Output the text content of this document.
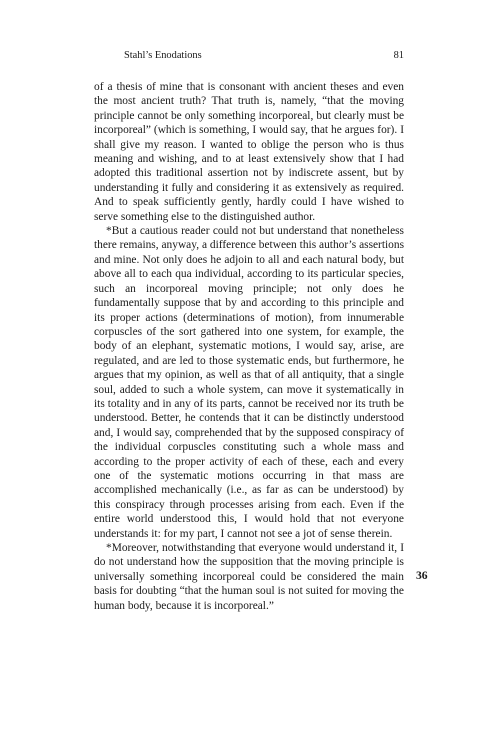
Stahl’s Enodations	81

of a thesis of mine that is consonant with ancient theses and even the most ancient truth? That truth is, namely, “that the moving principle cannot be only something incorporeal, but clearly must be incorporeal” (which is something, I would say, that he argues for). I shall give my reason. I wanted to oblige the person who is thus meaning and wishing, and to at least extensively show that I had adopted this traditional assertion not by indiscrete assent, but by understanding it fully and considering it as extensively as required. And to speak sufficiently gently, hardly could I have wished to serve something else to the distinguished author.

*But a cautious reader could not but understand that nonetheless there remains, anyway, a difference between this author’s assertions and mine. Not only does he adjoin to all and each natural body, but above all to each qua individual, according to its particular species, such an incorporeal moving principle; not only does he fundamentally suppose that by and according to this principle and its proper actions (determinations of motion), from innumerable corpuscles of the sort gathered into one system, for example, the body of an elephant, systematic motions, I would say, arise, are regulated, and are led to those systematic ends, but furthermore, he argues that my opinion, as well as that of all antiquity, that a single soul, added to such a whole system, can move it systematically in its totality and in any of its parts, cannot be received nor its truth be understood. Better, he contends that it can be distinctly understood and, I would say, comprehended that by the supposed conspiracy of the individual corpuscles constituting such a whole mass and according to the proper activity of each of these, each and every one of the systematic motions occurring in that mass are accomplished mechanically (i.e., as far as can be understood) by this conspiracy through processes arising from each. Even if the entire world understood this, I would hold that not everyone understands it: for my part, I cannot not see a jot of sense therein.

*Moreover, notwithstanding that everyone would understand it, I do not understand how the supposition that the moving principle is universally something incorporeal could be considered the main basis for doubting “that the human soul is not suited for moving the human body, because it is incorporeal.”

36
